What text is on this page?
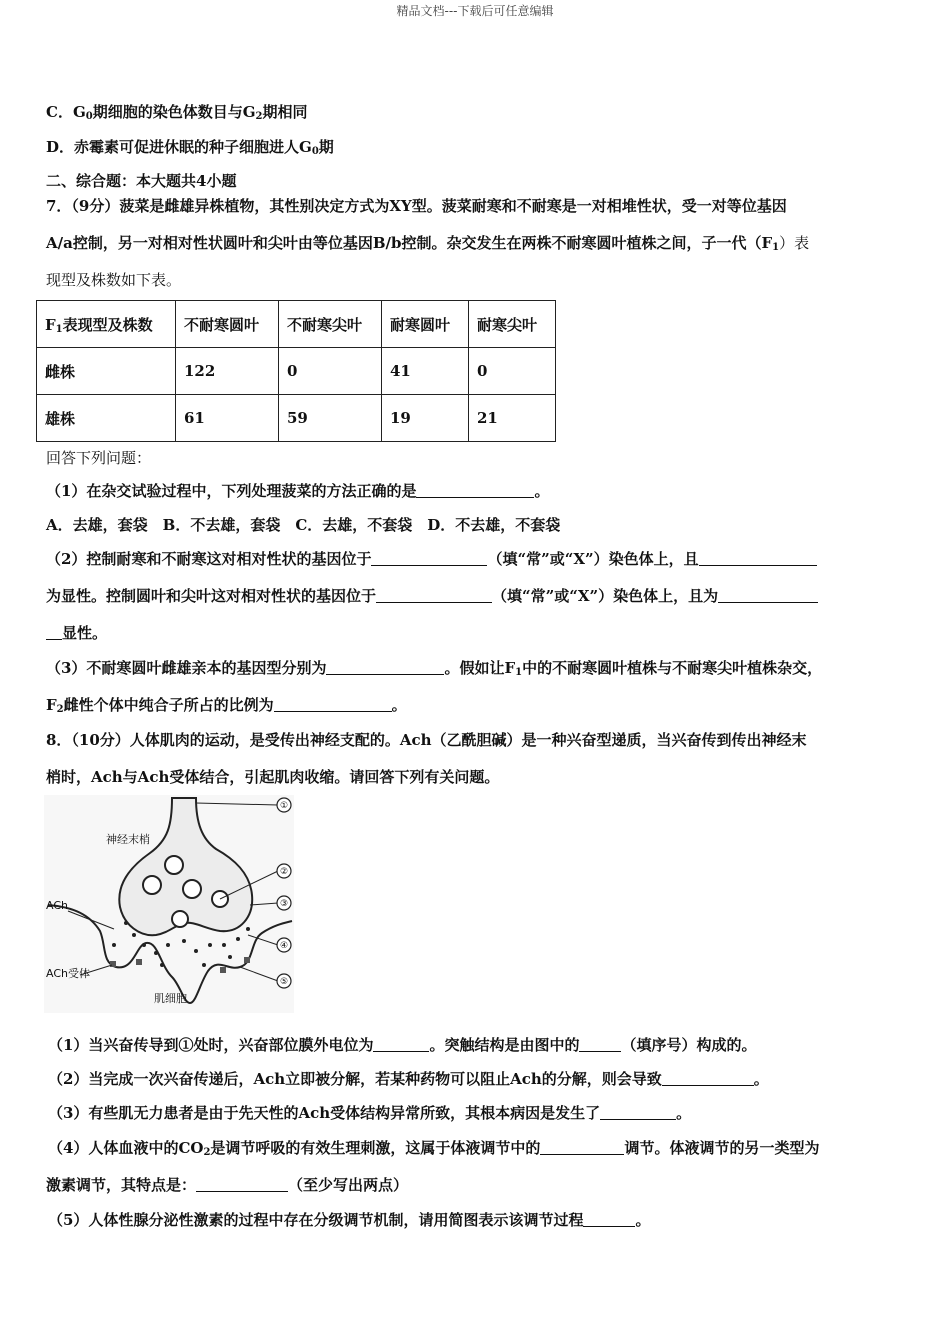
精品文档---下载后可任意编辑
C．$G_0$期细胞的染色体数目与$G_2$期相同
D．赤霉素可促进休眠的种子细胞进人$G_0$期
二、综合题：本大题共4小题
7．（9分）菠菜是雌雄异株植物，其性别决定方式为XY型。菠菜耐寒和不耐寒是一对相堆性状，受一对等位基因
A/a控制，另一对相对性状圆叶和尖叶由等位基因B/b控制。杂交发生在两株不耐寒圆叶植株之间，子一代$(F_1)$表
现型及株数如下表。
$F_1$表现型及株数	不耐寒圆叶	不耐寒尖叶	耐寒圆叶	耐寒尖叶
雌株	122	0	41	0
雄株	61	59	19	21
回答下列问题：
（1）在杂交试验过程中，下列处理菠菜的方法正确的是	。
A．去雄，套袋　B．不去雄，套袋　C．去雄，不套袋　D．不去雄，不套袋
（2）控制耐寒和不耐寒这对相对性状的基因位于	（填“常”或“X”）染色体上，且
为显性。控制圆叶和尖叶这对相对性状的基因位于	（填“常”或“X”）染色体上，且为
显性。
（3）不耐寒圆叶雌雄亲本的基因型分别为	。假如让$F_1$中的不耐寒圆叶植株与不耐寒尖叶植株杂交，
$F_2$雌性个体中纯合子所占的比例为	。
8．（10分）人体肌肉的运动，是受传出神经支配的。Ach（乙酰胆碱）是一种兴奋型递质，当兴奋传到传出神经末
梢时，Ach与Ach受体结合，引起肌肉收缩。请回答下列有关问题。
①
②
③
④
⑤
神经末梢
ACh
ACh受体
肌细胞
（1）当兴奋传导到①处时，兴奋部位膜外电位为	。突触结构是由图中的	（填序号）构成的。
（2）当完成一次兴奋传递后，Ach立即被分解，若某种药物可以阻止Ach的分解，则会导致	。
（3）有些肌无力患者是由于先天性的Ach受体结构异常所致，其根本病因是发生了	。
（4）人体血液中的$CO_2$是调节呼吸的有效生理刺激，这属于体液调节中的	调节。体液调节的另一类型为
激素调节，其特点是：	（至少写出两点）
（5）人体性腺分泌性激素的过程中存在分级调节机制，请用简图表示该调节过程	。
